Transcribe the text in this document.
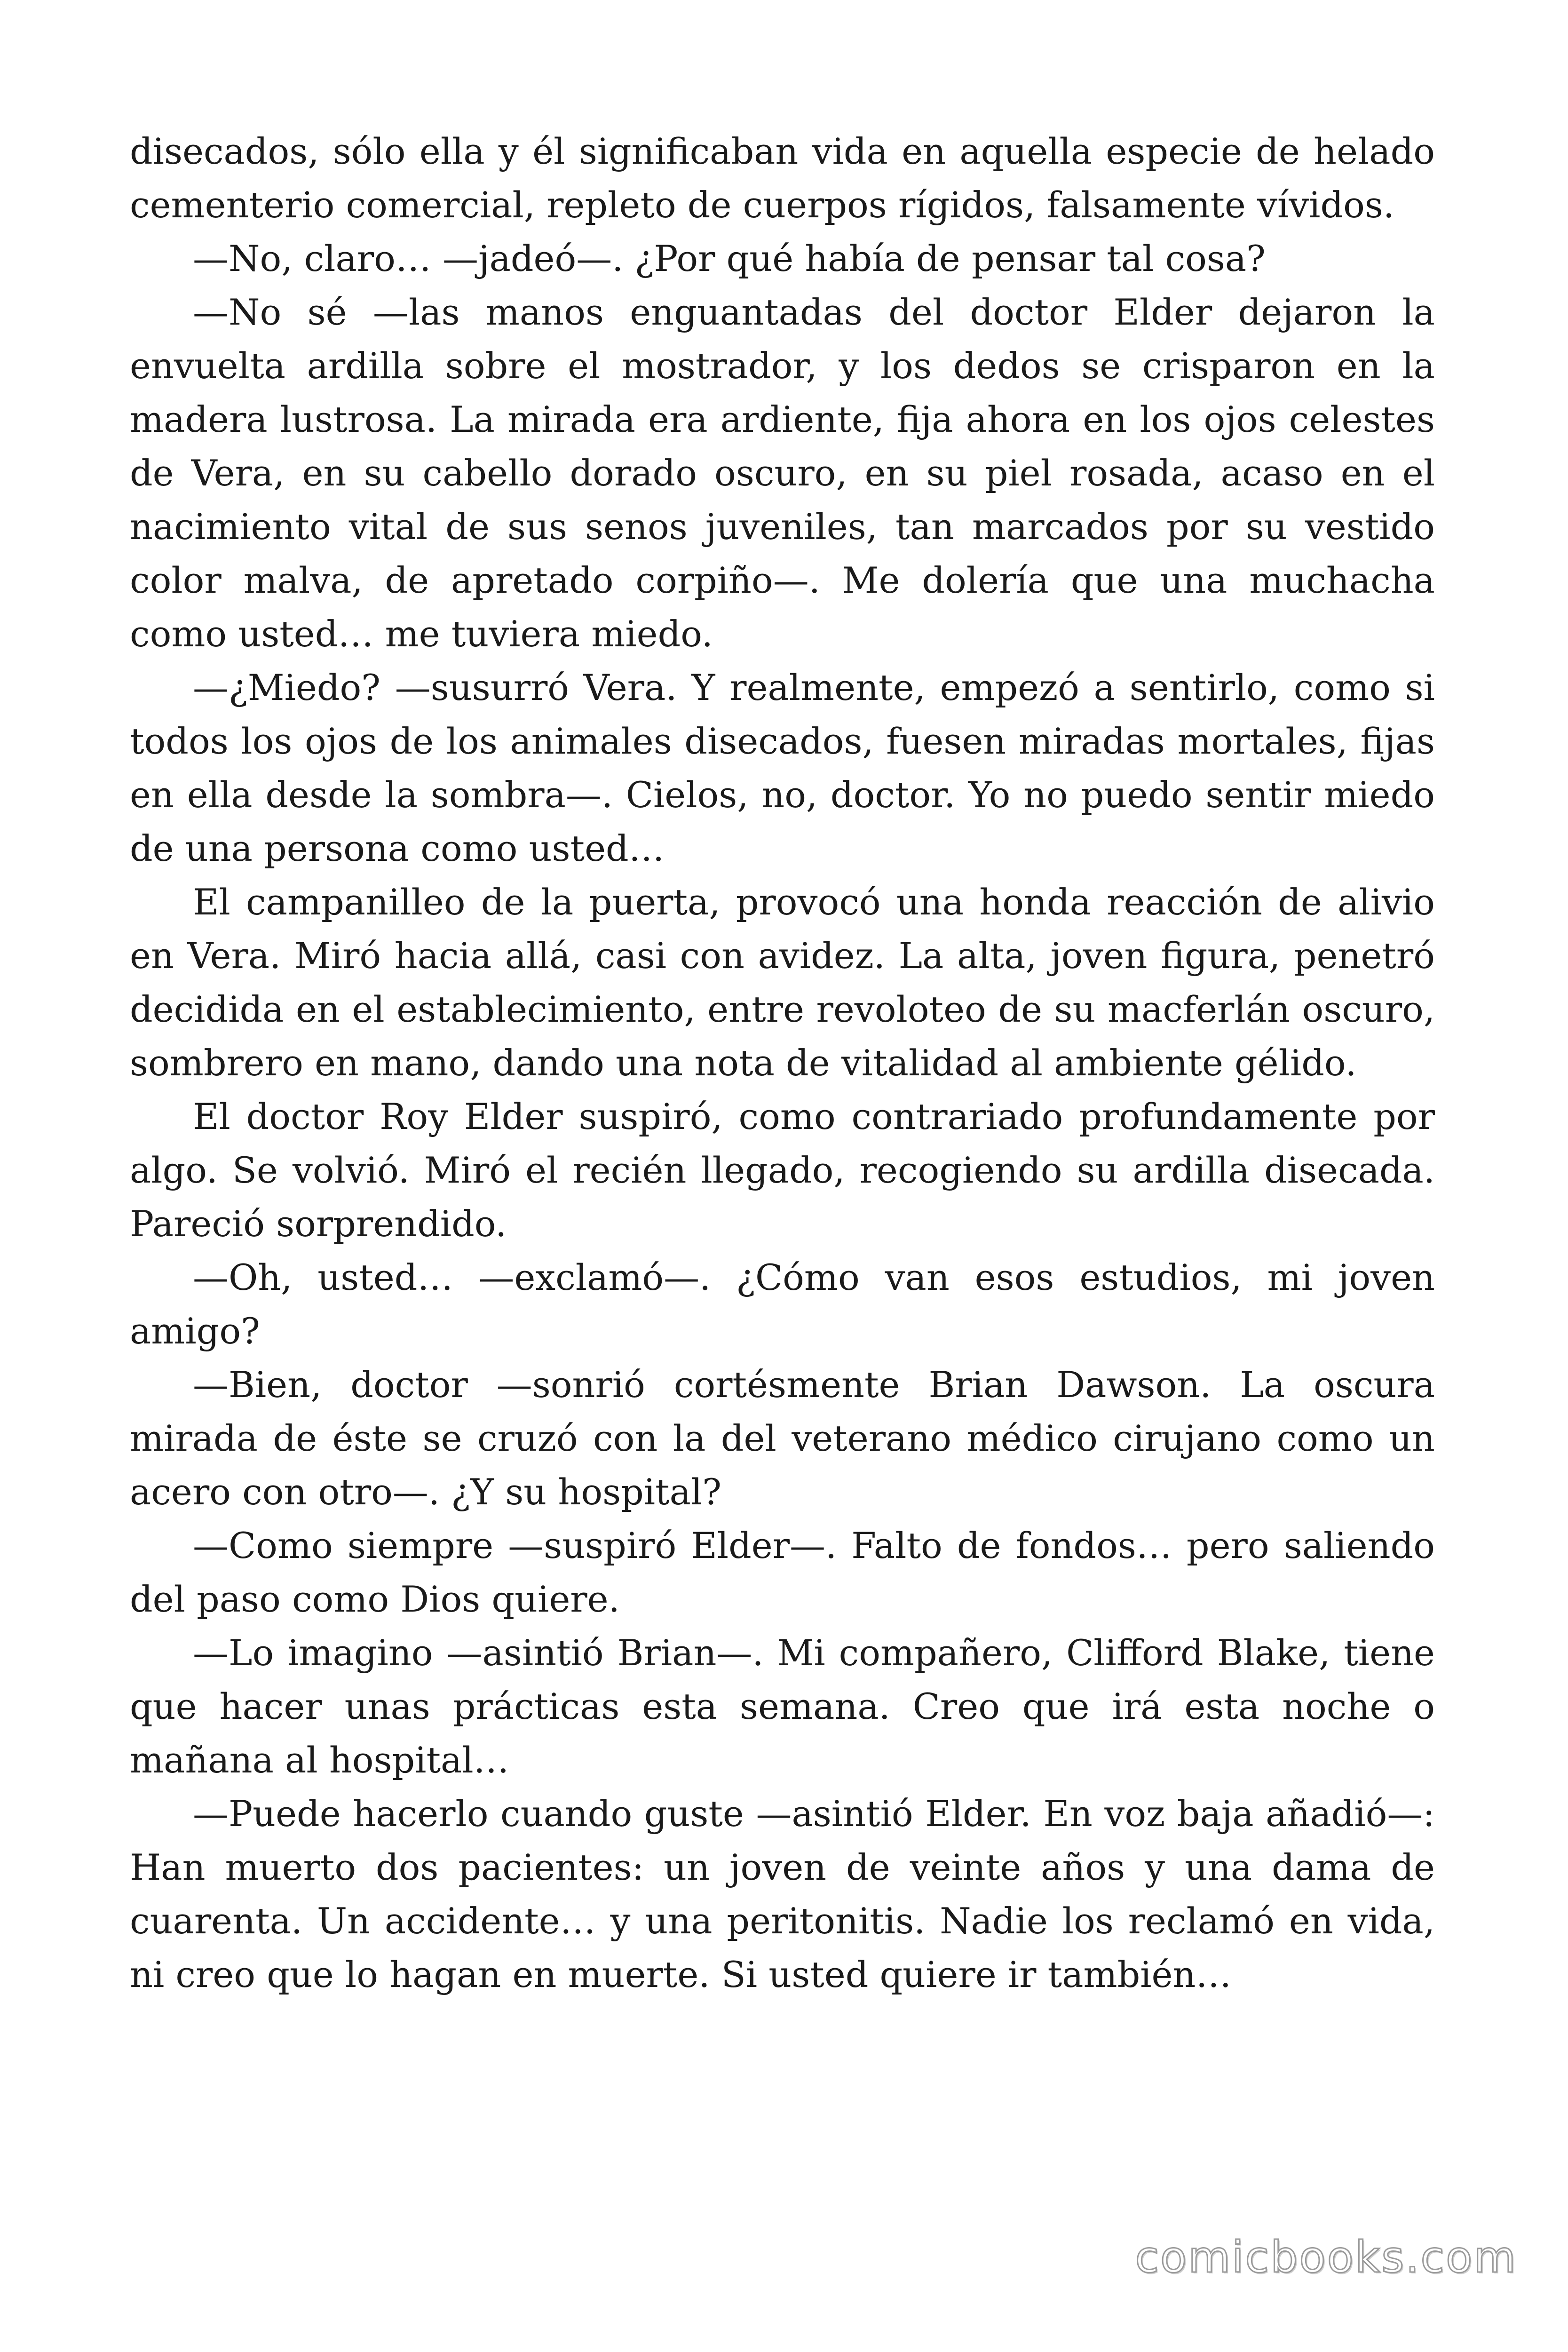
disecados, sólo ella y él significaban vida en aquella especie de helado cementerio comercial, repleto de cuerpos rígidos, falsamente vívidos.

—No, claro… —jadeó—. ¿Por qué había de pensar tal cosa?

—No sé —las manos enguantadas del doctor Elder dejaron la envuelta ardilla sobre el mostrador, y los dedos se crisparon en la madera lustrosa. La mirada era ardiente, fija ahora en los ojos celestes de Vera, en su cabello dorado oscuro, en su piel rosada, acaso en el nacimiento vital de sus senos juveniles, tan marcados por su vestido color malva, de apretado corpiño—. Me dolería que una muchacha como usted… me tuviera miedo.

—¿Miedo? —susurró Vera. Y realmente, empezó a sentirlo, como si todos los ojos de los animales disecados, fuesen miradas mortales, fijas en ella desde la sombra—. Cielos, no, doctor. Yo no puedo sentir miedo de una persona como usted…

El campanilleo de la puerta, provocó una honda reacción de alivio en Vera. Miró hacia allá, casi con avidez. La alta, joven figura, penetró decidida en el establecimiento, entre revoloteo de su macferlán oscuro, sombrero en mano, dando una nota de vitalidad al ambiente gélido.

El doctor Roy Elder suspiró, como contrariado profundamente por algo. Se volvió. Miró el recién llegado, recogiendo su ardilla disecada. Pareció sorprendido.

—Oh, usted… —exclamó—. ¿Cómo van esos estudios, mi joven amigo?

—Bien, doctor —sonrió cortésmente Brian Dawson. La oscura mirada de éste se cruzó con la del veterano médico cirujano como un acero con otro—. ¿Y su hospital?

—Como siempre —suspiró Elder—. Falto de fondos… pero saliendo del paso como Dios quiere.

—Lo imagino —asintió Brian—. Mi compañero, Clifford Blake, tiene que hacer unas prácticas esta semana. Creo que irá esta noche o mañana al hospital…

—Puede hacerlo cuando guste —asintió Elder. En voz baja añadió—: Han muerto dos pacientes: un joven de veinte años y una dama de cuarenta. Un accidente… y una peritonitis. Nadie los reclamó en vida, ni creo que lo hagan en muerte. Si usted quiere ir también…

comicbooks.com
